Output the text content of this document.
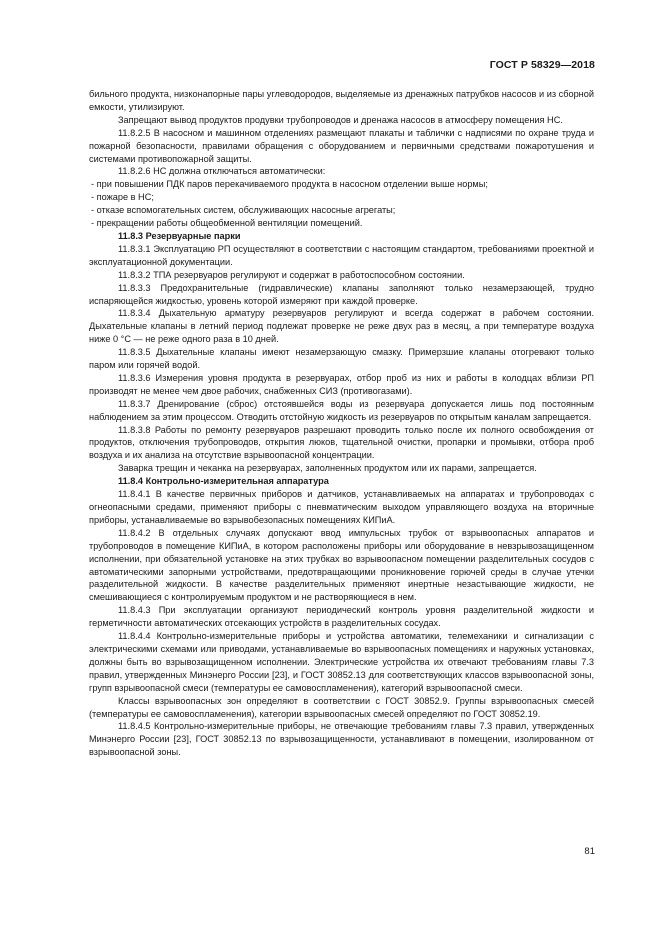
ГОСТ Р 58329—2018

бильного продукта, низконапорные пары углеводородов, выделяемые из дренажных патрубков насосов и из сборной емкости, утилизируют.

Запрещают вывод продуктов продувки трубопроводов и дренажа насосов в атмосферу помещения НС.

11.8.2.5 В насосном и машинном отделениях размещают плакаты и таблички с надписями по охране труда и пожарной безопасности, правилами обращения с оборудованием и первичными средствами пожаротушения и системами противопожарной защиты.

11.8.2.6 НС должна отключаться автоматически:

- при повышении ПДК паров перекачиваемого продукта в насосном отделении выше нормы;

- пожаре в НС;

- отказе вспомогательных систем, обслуживающих насосные агрегаты;

- прекращении работы общеобменной вентиляции помещений.

11.8.3 Резервуарные парки

11.8.3.1 Эксплуатацию РП осуществляют в соответствии с настоящим стандартом, требованиями проектной и эксплуатационной документации.

11.8.3.2 ТПА резервуаров регулируют и содержат в работоспособном состоянии.

11.8.3.3 Предохранительные (гидравлические) клапаны заполняют только незамерзающей, трудно испаряющейся жидкостью, уровень которой измеряют при каждой проверке.

11.8.3.4 Дыхательную арматуру резервуаров регулируют и всегда содержат в рабочем состоянии. Дыхательные клапаны в летний период подлежат проверке не реже двух раз в месяц, а при температуре воздуха ниже 0 °С — не реже одного раза в 10 дней.

11.8.3.5 Дыхательные клапаны имеют незамерзающую смазку. Примерзшие клапаны отогревают только паром или горячей водой.

11.8.3.6 Измерения уровня продукта в резервуарах, отбор проб из них и работы в колодцах вблизи РП производят не менее чем двое рабочих, снабженных СИЗ (противогазами).

11.8.3.7 Дренирование (сброс) отстоявшейся воды из резервуара допускается лишь под постоянным наблюдением за этим процессом. Отводить отстойную жидкость из резервуаров по открытым каналам запрещается.

11.8.3.8 Работы по ремонту резервуаров разрешают проводить только после их полного освобождения от продуктов, отключения трубопроводов, открытия люков, тщательной очистки, пропарки и промывки, отбора проб воздуха и их анализа на отсутствие взрывоопасной концентрации.

Заварка трещин и чеканка на резервуарах, заполненных продуктом или их парами, запрещается.

11.8.4 Контрольно-измерительная аппаратура

11.8.4.1 В качестве первичных приборов и датчиков, устанавливаемых на аппаратах и трубопроводах с огнеопасными средами, применяют приборы с пневматическим выходом управляющего воздуха на вторичные приборы, устанавливаемые во взрывобезопасных помещениях КИПиА.

11.8.4.2 В отдельных случаях допускают ввод импульсных трубок от взрывоопасных аппаратов и трубопроводов в помещение КИПиА, в котором расположены приборы или оборудование в невзрывозащищенном исполнении, при обязательной установке на этих трубках во взрывоопасном помещении разделительных сосудов с автоматическими запорными устройствами, предотвращающими проникновение горючей среды в случае утечки разделительной жидкости. В качестве разделительных применяют инертные незастывающие жидкости, не смешивающиеся с контролируемым продуктом и не растворяющиеся в нем.

11.8.4.3 При эксплуатации организуют периодический контроль уровня разделительной жидкости и герметичности автоматических отсекающих устройств в разделительных сосудах.

11.8.4.4 Контрольно-измерительные приборы и устройства автоматики, телемеханики и сигнализации с электрическими схемами или приводами, устанавливаемые во взрывоопасных помещениях и наружных установках, должны быть во взрывозащищенном исполнении. Электрические устройства их отвечают требованиям главы 7.3 правил, утвержденных Минэнерго России [23], и ГОСТ 30852.13 для соответствующих классов взрывоопасной зоны, групп взрывоопасной смеси (температуры ее самовоспламенения), категорий взрывоопасной смеси.

Классы взрывоопасных зон определяют в соответствии с ГОСТ 30852.9. Группы взрывоопасных смесей (температуры ее самовоспламенения), категории взрывоопасных смесей определяют по ГОСТ 30852.19.

11.8.4.5 Контрольно-измерительные приборы, не отвечающие требованиям главы 7.3 правил, утвержденных Минэнерго России [23], ГОСТ 30852.13 по взрывозащищенности, устанавливают в помещении, изолированном от взрывоопасной зоны.

81
